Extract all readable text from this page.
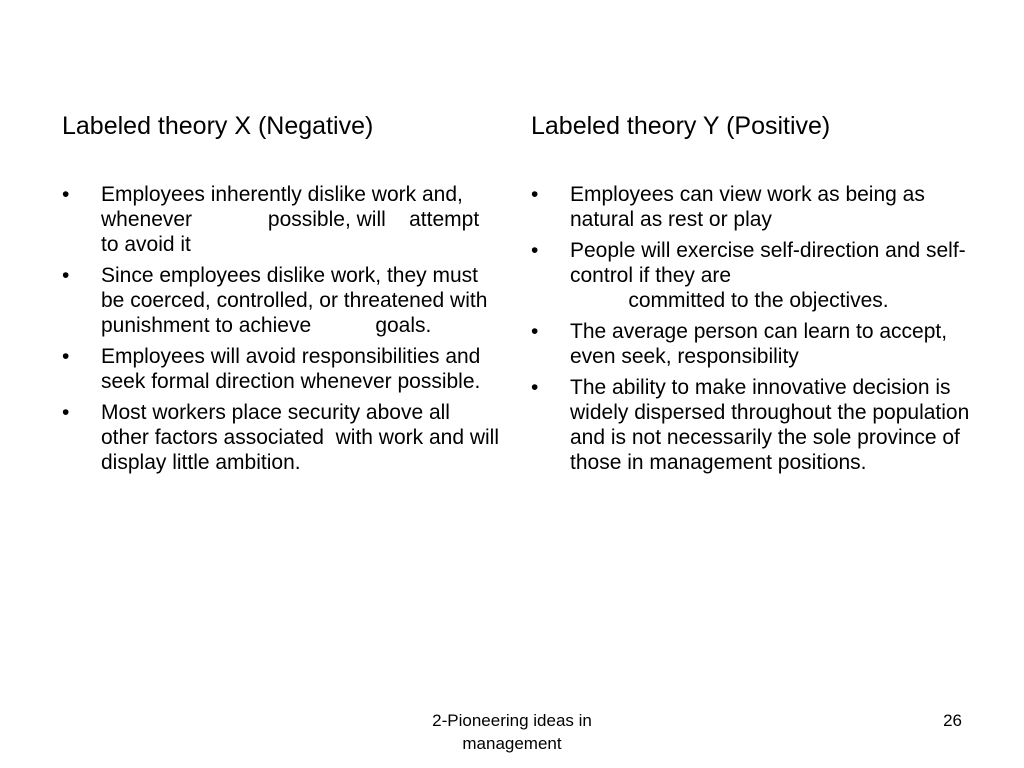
Labeled theory X (Negative)	Labeled theory Y (Positive)
•	Employees inherently dislike work and, whenever             possible, will    attempt to avoid it
•	Since employees dislike work, they must be coerced, controlled, or threatened with punishment to achieve           goals.
•	Employees will avoid responsibilities and seek formal direction whenever possible.
•	Most workers place security above all other factors associated  with work and will display little ambition.
•	Employees can view work as being as natural as rest or play
•	People will exercise self-direction and self-control if they are
committed to the objectives.
•	The average person can learn to accept, even seek, responsibility
•	The ability to make innovative decision is widely dispersed throughout the population and is not necessarily the sole province of those in management positions.
2-Pioneering ideas in management
26
